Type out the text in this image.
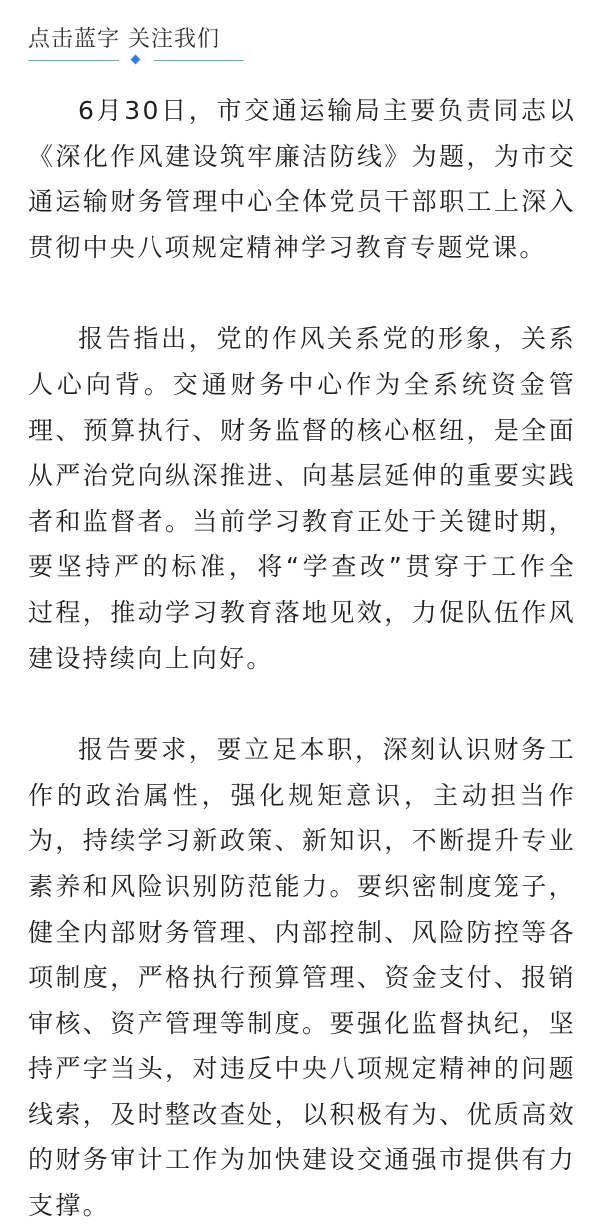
点击蓝字 关注我们

6月30日，市交通运输局主要负责同志以《深化作风建设筑牢廉洁防线》为题，为市交通运输财务管理中心全体党员干部职工上深入贯彻中央八项规定精神学习教育专题党课。

报告指出，党的作风关系党的形象，关系人心向背。交通财务中心作为全系统资金管理、预算执行、财务监督的核心枢纽，是全面从严治党向纵深推进、向基层延伸的重要实践者和监督者。当前学习教育正处于关键时期，要坚持严的标准，将“学查改”贯穿于工作全过程，推动学习教育落地见效，力促队伍作风建设持续向上向好。

报告要求，要立足本职，深刻认识财务工作的政治属性，强化规矩意识，主动担当作为，持续学习新政策、新知识，不断提升专业素养和风险识别防范能力。要织密制度笼子，健全内部财务管理、内部控制、风险防控等各项制度，严格执行预算管理、资金支付、报销审核、资产管理等制度。要强化监督执纪，坚持严字当头，对违反中央八项规定精神的问题线索，及时整改查处，以积极有为、优质高效的财务审计工作为加快建设交通强市提供有力支撑。
